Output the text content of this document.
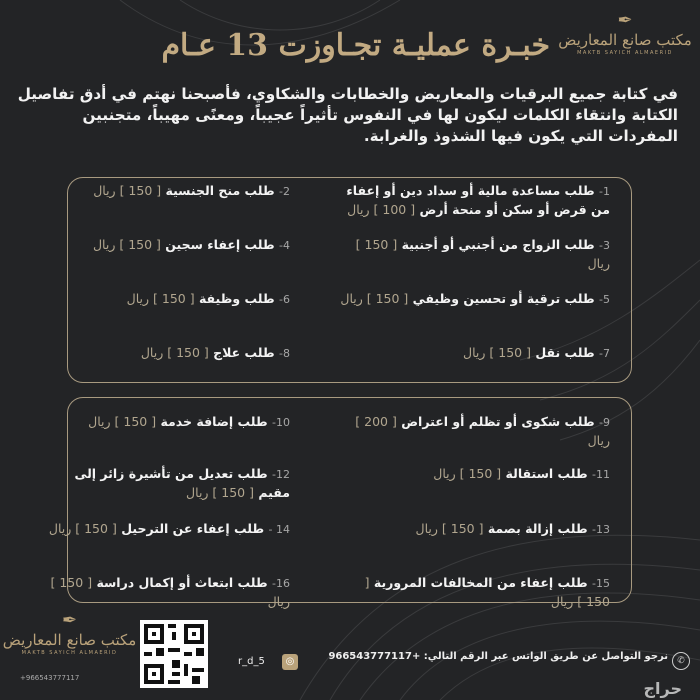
✒
مكتب صانع المعاريض
MAKTB SAYICH ALMAERID
خبـرة عمليـة تجـاوزت 13 عـام
في كتابة جميع البرقيات والمعاريض والخطابات والشكاوي، فأصبحنا نهتم في أدق تفاصيل الكتابة وانتقاء الكلمات ليكون لها في النفوس تأثيراً عجيباً، ومعنًى مهيباً، متجنبين المفردات التي يكون فيها الشذوذ والغرابة.
1- طلب مساعدة مالية أو سداد دين أو إعفاء من قرض أو سكن أو منحة أرض [ 100 ] ريال
2- طلب منح الجنسية [ 150 ] ريال
3- طلب الزواج من أجنبي أو أجنبية [ 150 ] ريال
4- طلب إعفاء سجين [ 150 ] ريال
5- طلب ترقية أو تحسين وظيفي [ 150 ] ريال
6- طلب وظيفة [ 150 ] ريال
7- طلب نقل [ 150 ] ريال
8- طلب علاج [ 150 ] ريال
9- طلب شكوى أو تظلم أو اعتراض [ 200 ] ريال
10- طلب إضافة خدمة [ 150 ] ريال
11- طلب استقالة [ 150 ] ريال
12- طلب تعديل من تأشيرة زائر إلى مقيم [ 150 ] ريال
13- طلب إزالة بصمة [ 150 ] ريال
14 - طلب إعفاء عن الترحيل [ 150 ] ريال
15- طلب إعفاء من المخالفات المرورية [ 150 ] ريال
16- طلب ابتعاث أو إكمال دراسة [ 150 ] ريال
✆
نرجو التواصل عن طريق الواتس عبر الرقم التالي: +966543777117
◎
r_d_5
✒
مكتب صانع المعاريض
MAKTB SAYICH ALMAERID
+966543777117
حراج
